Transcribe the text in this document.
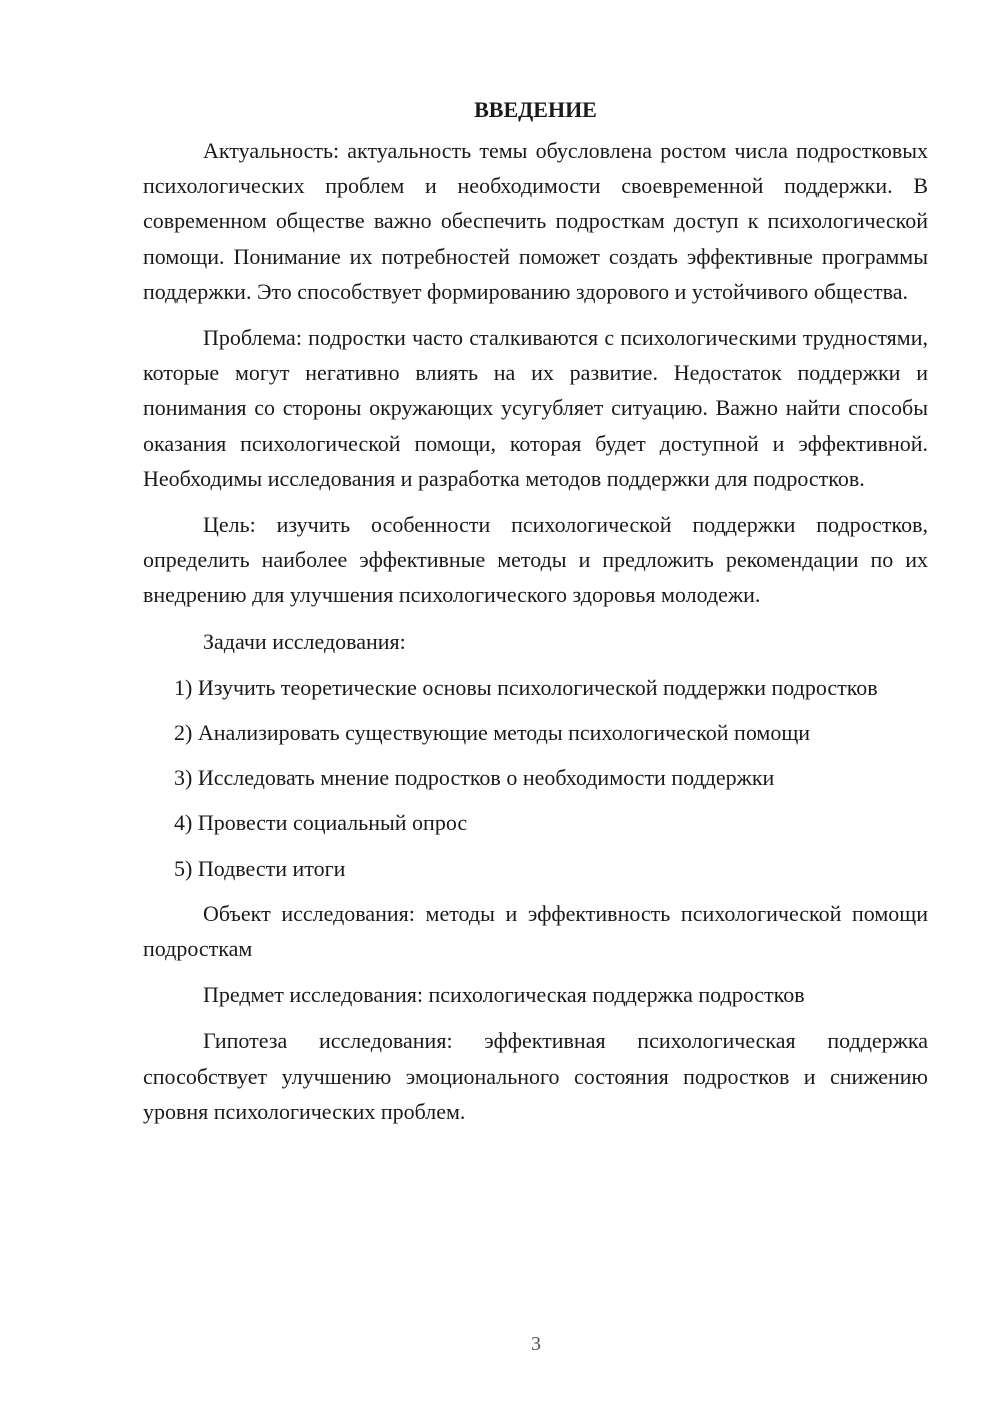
ВВЕДЕНИЕ

Актуальность: актуальность темы обусловлена ростом числа подростковых психологических проблем и необходимости своевременной поддержки. В современном обществе важно обеспечить подросткам доступ к психологической помощи. Понимание их потребностей поможет создать эффективные программы поддержки. Это способствует формированию здорового и устойчивого общества.

Проблема: подростки часто сталкиваются с психологическими трудностями, которые могут негативно влиять на их развитие. Недостаток поддержки и понимания со стороны окружающих усугубляет ситуацию. Важно найти способы оказания психологической помощи, которая будет доступной и эффективной. Необходимы исследования и разработка методов поддержки для подростков.

Цель: изучить особенности психологической поддержки подростков, определить наиболее эффективные методы и предложить рекомендации по их внедрению для улучшения психологического здоровья молодежи.

Задачи исследования:

1) Изучить теоретические основы психологической поддержки подростков

2) Анализировать существующие методы психологической помощи

3) Исследовать мнение подростков о необходимости поддержки

4) Провести социальный опрос

5) Подвести итоги

Объект исследования: методы и эффективность психологической помощи подросткам

Предмет исследования: психологическая поддержка подростков

Гипотеза исследования: эффективная психологическая поддержка способствует улучшению эмоционального состояния подростков и снижению уровня психологических проблем.

3
